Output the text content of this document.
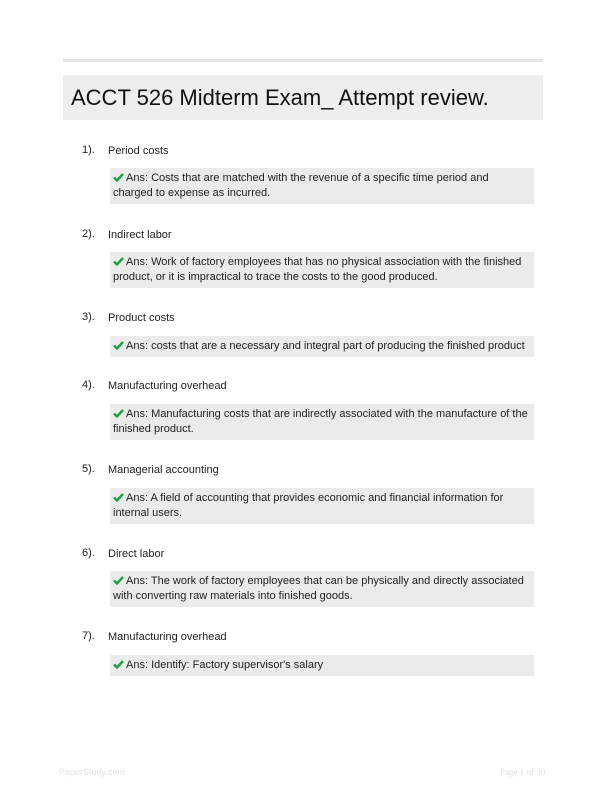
ACCT 526 Midterm Exam_ Attempt review.
1). Period costs
Ans: Costs that are matched with the revenue of a specific time period and charged to expense as incurred.
2). Indirect labor
Ans: Work of factory employees that has no physical association with the finished product, or it is impractical to trace the costs to the good produced.
3). Product costs
Ans: costs that are a necessary and integral part of producing the finished product
4). Manufacturing overhead
Ans: Manufacturing costs that are indirectly associated with the manufacture of the finished product.
5). Managerial accounting
Ans: A field of accounting that provides economic and financial information for internal users.
6). Direct labor
Ans: The work of factory employees that can be physically and directly associated with converting raw materials into finished goods.
7). Manufacturing overhead
Ans: Identify: Factory supervisor's salary
PaperStudy.com	Page 1 of 30
